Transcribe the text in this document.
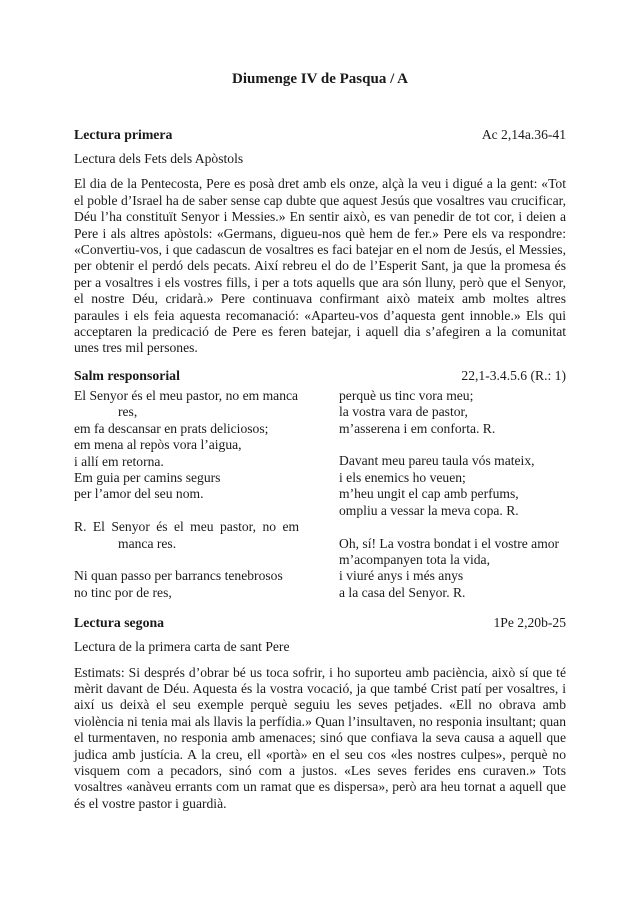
Diumenge IV de Pasqua / A
Lectura primera	Ac 2,14a.36-41

Lectura dels Fets dels Apòstols

El dia de la Pentecosta, Pere es posà dret amb els onze, alçà la veu i digué a la gent: «Tot el poble d’Israel ha de saber sense cap dubte que aquest Jesús que vosaltres vau crucificar, Déu l’ha constituït Senyor i Messies.» En sentir això, es van penedir de tot cor, i deien a Pere i als altres apòstols: «Germans, digueu-nos què hem de fer.» Pere els va respondre: «Convertiu-vos, i que cadascun de vosaltres es faci batejar en el nom de Jesús, el Messies, per obtenir el perdó dels pecats. Així rebreu el do de l’Esperit Sant, ja que la promesa és per a vosaltres i els vostres fills, i per a tots aquells que ara són lluny, però que el Senyor, el nostre Déu, cridarà.» Pere continuava confirmant això mateix amb moltes altres paraules i els feia aquesta recomanació: «Aparteu-vos d’aquesta gent innoble.» Els qui acceptaren la predicació de Pere es feren batejar, i aquell dia s’afegiren a la comunitat unes tres mil persones.

Salm responsorial	22,1-3.4.5.6 (R.: 1)
El Senyor és el meu pastor, no em manca
res,
em fa descansar en prats deliciosos;
em mena al repòs vora l’aigua,
i allí em retorna.
Em guia per camins segurs
per l’amor del seu nom.
R. El Senyor és el meu pastor, no em
manca res.
Ni quan passo per barrancs tenebrosos
no tinc por de res,
perquè us tinc vora meu;
la vostra vara de pastor,
m’asserena i em conforta. R.
Davant meu pareu taula vós mateix,
i els enemics ho veuen;
m’heu ungit el cap amb perfums,
ompliu a vessar la meva copa. R.
Oh, sí! La vostra bondat i el vostre amor
m’acompanyen tota la vida,
i viuré anys i més anys
a la casa del Senyor. R.
Lectura segona	1Pe 2,20b-25

Lectura de la primera carta de sant Pere

Estimats: Si després d’obrar bé us toca sofrir, i ho suporteu amb paciència, això sí que té mèrit davant de Déu. Aquesta és la vostra vocació, ja que també Crist patí per vosaltres, i així us deixà el seu exemple perquè seguiu les seves petjades. «Ell no obrava amb violència ni tenia mai als llavis la perfídia.» Quan l’insultaven, no responia insultant; quan el turmentaven, no responia amb amenaces; sinó que confiava la seva causa a aquell que judica amb justícia. A la creu, ell «portà» en el seu cos «les nostres culpes», perquè no visquem com a pecadors, sinó com a justos. «Les seves ferides ens curaven.» Tots vosaltres «anàveu errants com un ramat que es dispersa», però ara heu tornat a aquell que és el vostre pastor i guardià.
